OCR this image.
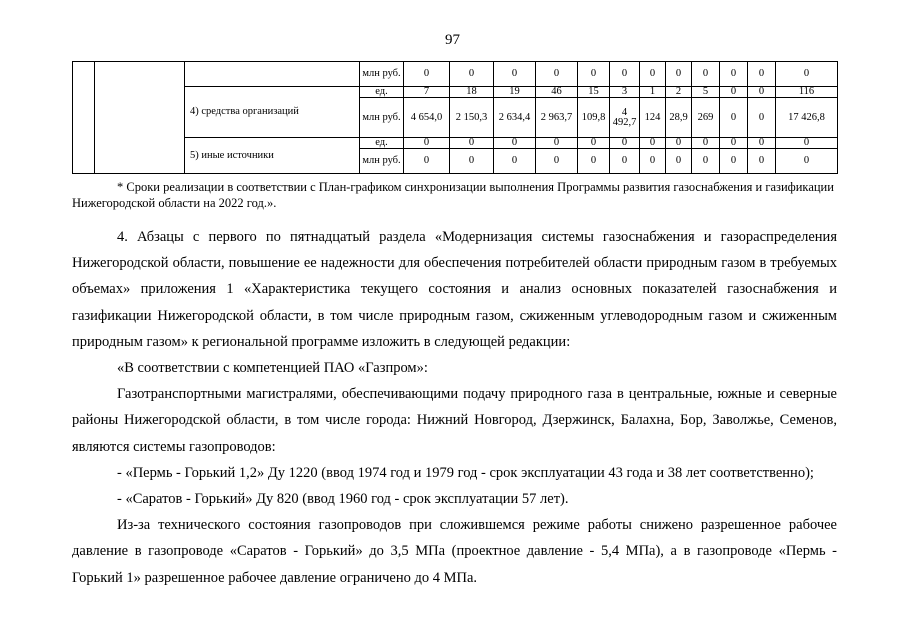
97
			млн руб.	0	0	0	0	0	0	0	0	0	0	0	0
		4) средства организаций	ед.	7	18	19	46	15	3	1	2	5	0	0	116
			млн руб.	4 654,0	2 150,3	2 634,4	2 963,7	109,8	4 492,7	124	28,9	269	0	0	17 426,8
		5) иные источники	ед.	0	0	0	0	0	0	0	0	0	0	0	0
			млн руб.	0	0	0	0	0	0	0	0	0	0	0	0
* Сроки реализации в соответствии с План-графиком синхронизации выполнения Программы развития газоснабжения и газификации Нижегородской области на 2022 год.».

4. Абзацы с первого по пятнадцатый раздела «Модернизация системы газоснабжения и газораспределения Нижегородской области, повышение ее надежности для обеспечения потребителей области природным газом в требуемых объемах» приложения 1 «Характеристика текущего состояния и анализ основных показателей газоснабжения и газификации Нижегородской области, в том числе природным газом, сжиженным углеводородным газом и сжиженным природным газом» к региональной программе изложить в следующей редакции:

«В соответствии с компетенцией ПАО «Газпром»:

Газотранспортными магистралями, обеспечивающими подачу природного газа в центральные, южные и северные районы Нижегородской области, в том числе города: Нижний Новгород, Дзержинск, Балахна, Бор, Заволжье, Семенов, являются системы газопроводов:

- «Пермь - Горький 1,2» Ду 1220 (ввод 1974 год и 1979 год - срок эксплуатации 43 года и 38 лет соответственно);

- «Саратов - Горький» Ду 820 (ввод 1960 год - срок эксплуатации 57 лет).

Из-за технического состояния газопроводов при сложившемся режиме работы снижено разрешенное рабочее давление в газопроводе «Саратов - Горький» до 3,5 МПа (проектное давление - 5,4 МПа), а в газопроводе «Пермь - Горький 1» разрешенное рабочее давление ограничено до 4 МПа.
